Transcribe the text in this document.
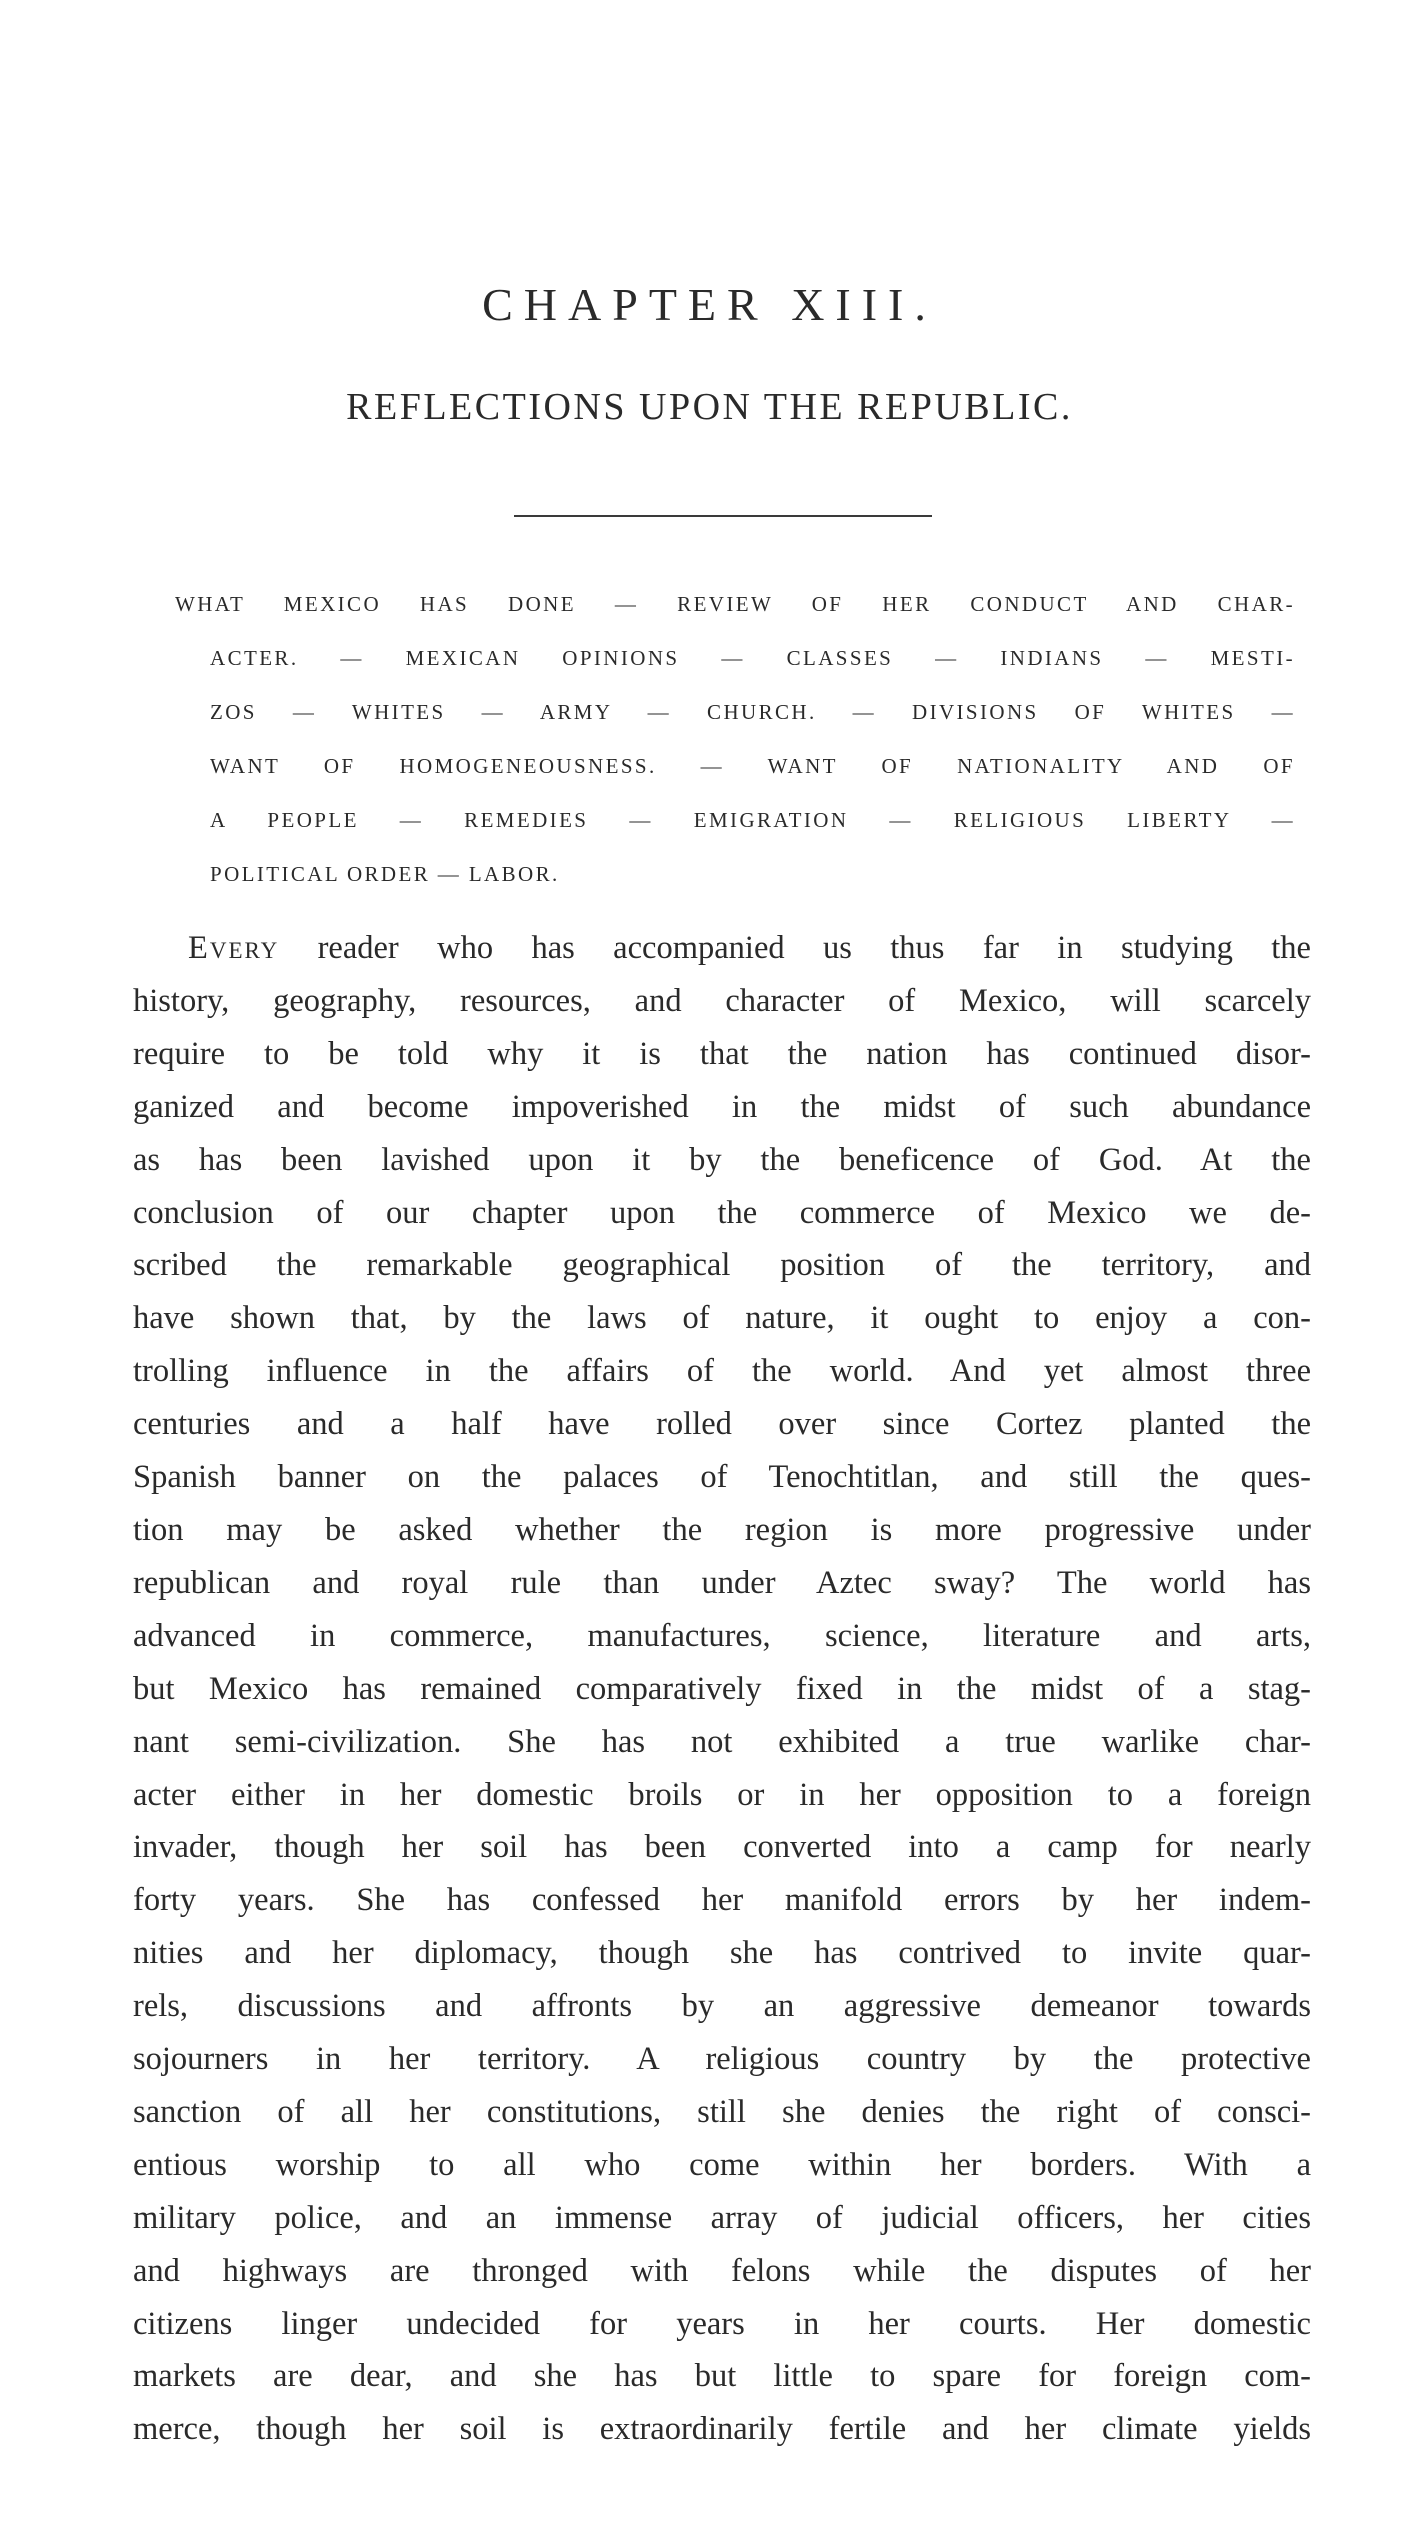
CHAPTER XIII.
REFLECTIONS UPON THE REPUBLIC.
WHAT MEXICO HAS DONE — REVIEW OF HER CONDUCT AND CHAR-
ACTER. — MEXICAN OPINIONS — CLASSES — INDIANS — MESTI-
ZOS — WHITES — ARMY — CHURCH. — DIVISIONS OF WHITES —
WANT OF HOMOGENEOUSNESS. — WANT OF NATIONALITY AND OF
A PEOPLE — REMEDIES — EMIGRATION — RELIGIOUS LIBERTY —
POLITICAL ORDER — LABOR.
Every reader who has accompanied us thus far in studying the
history, geography, resources, and character of Mexico, will scarcely
require to be told why it is that the nation has continued disor-
ganized and become impoverished in the midst of such abundance
as has been lavished upon it by the beneficence of God. At the
conclusion of our chapter upon the commerce of Mexico we de-
scribed the remarkable geographical position of the territory, and
have shown that, by the laws of nature, it ought to enjoy a con-
trolling influence in the affairs of the world. And yet almost three
centuries and a half have rolled over since Cortez planted the
Spanish banner on the palaces of Tenochtitlan, and still the ques-
tion may be asked whether the region is more progressive under
republican and royal rule than under Aztec sway? The world has
advanced in commerce, manufactures, science, literature and arts,
but Mexico has remained comparatively fixed in the midst of a stag-
nant semi-civilization. She has not exhibited a true warlike char-
acter either in her domestic broils or in her opposition to a foreign
invader, though her soil has been converted into a camp for nearly
forty years. She has confessed her manifold errors by her indem-
nities and her diplomacy, though she has contrived to invite quar-
rels, discussions and affronts by an aggressive demeanor towards
sojourners in her territory. A religious country by the protective
sanction of all her constitutions, still she denies the right of consci-
entious worship to all who come within her borders. With a
military police, and an immense array of judicial officers, her cities
and highways are thronged with felons while the disputes of her
citizens linger undecided for years in her courts. Her domestic
markets are dear, and she has but little to spare for foreign com-
merce, though her soil is extraordinarily fertile and her climate yields
